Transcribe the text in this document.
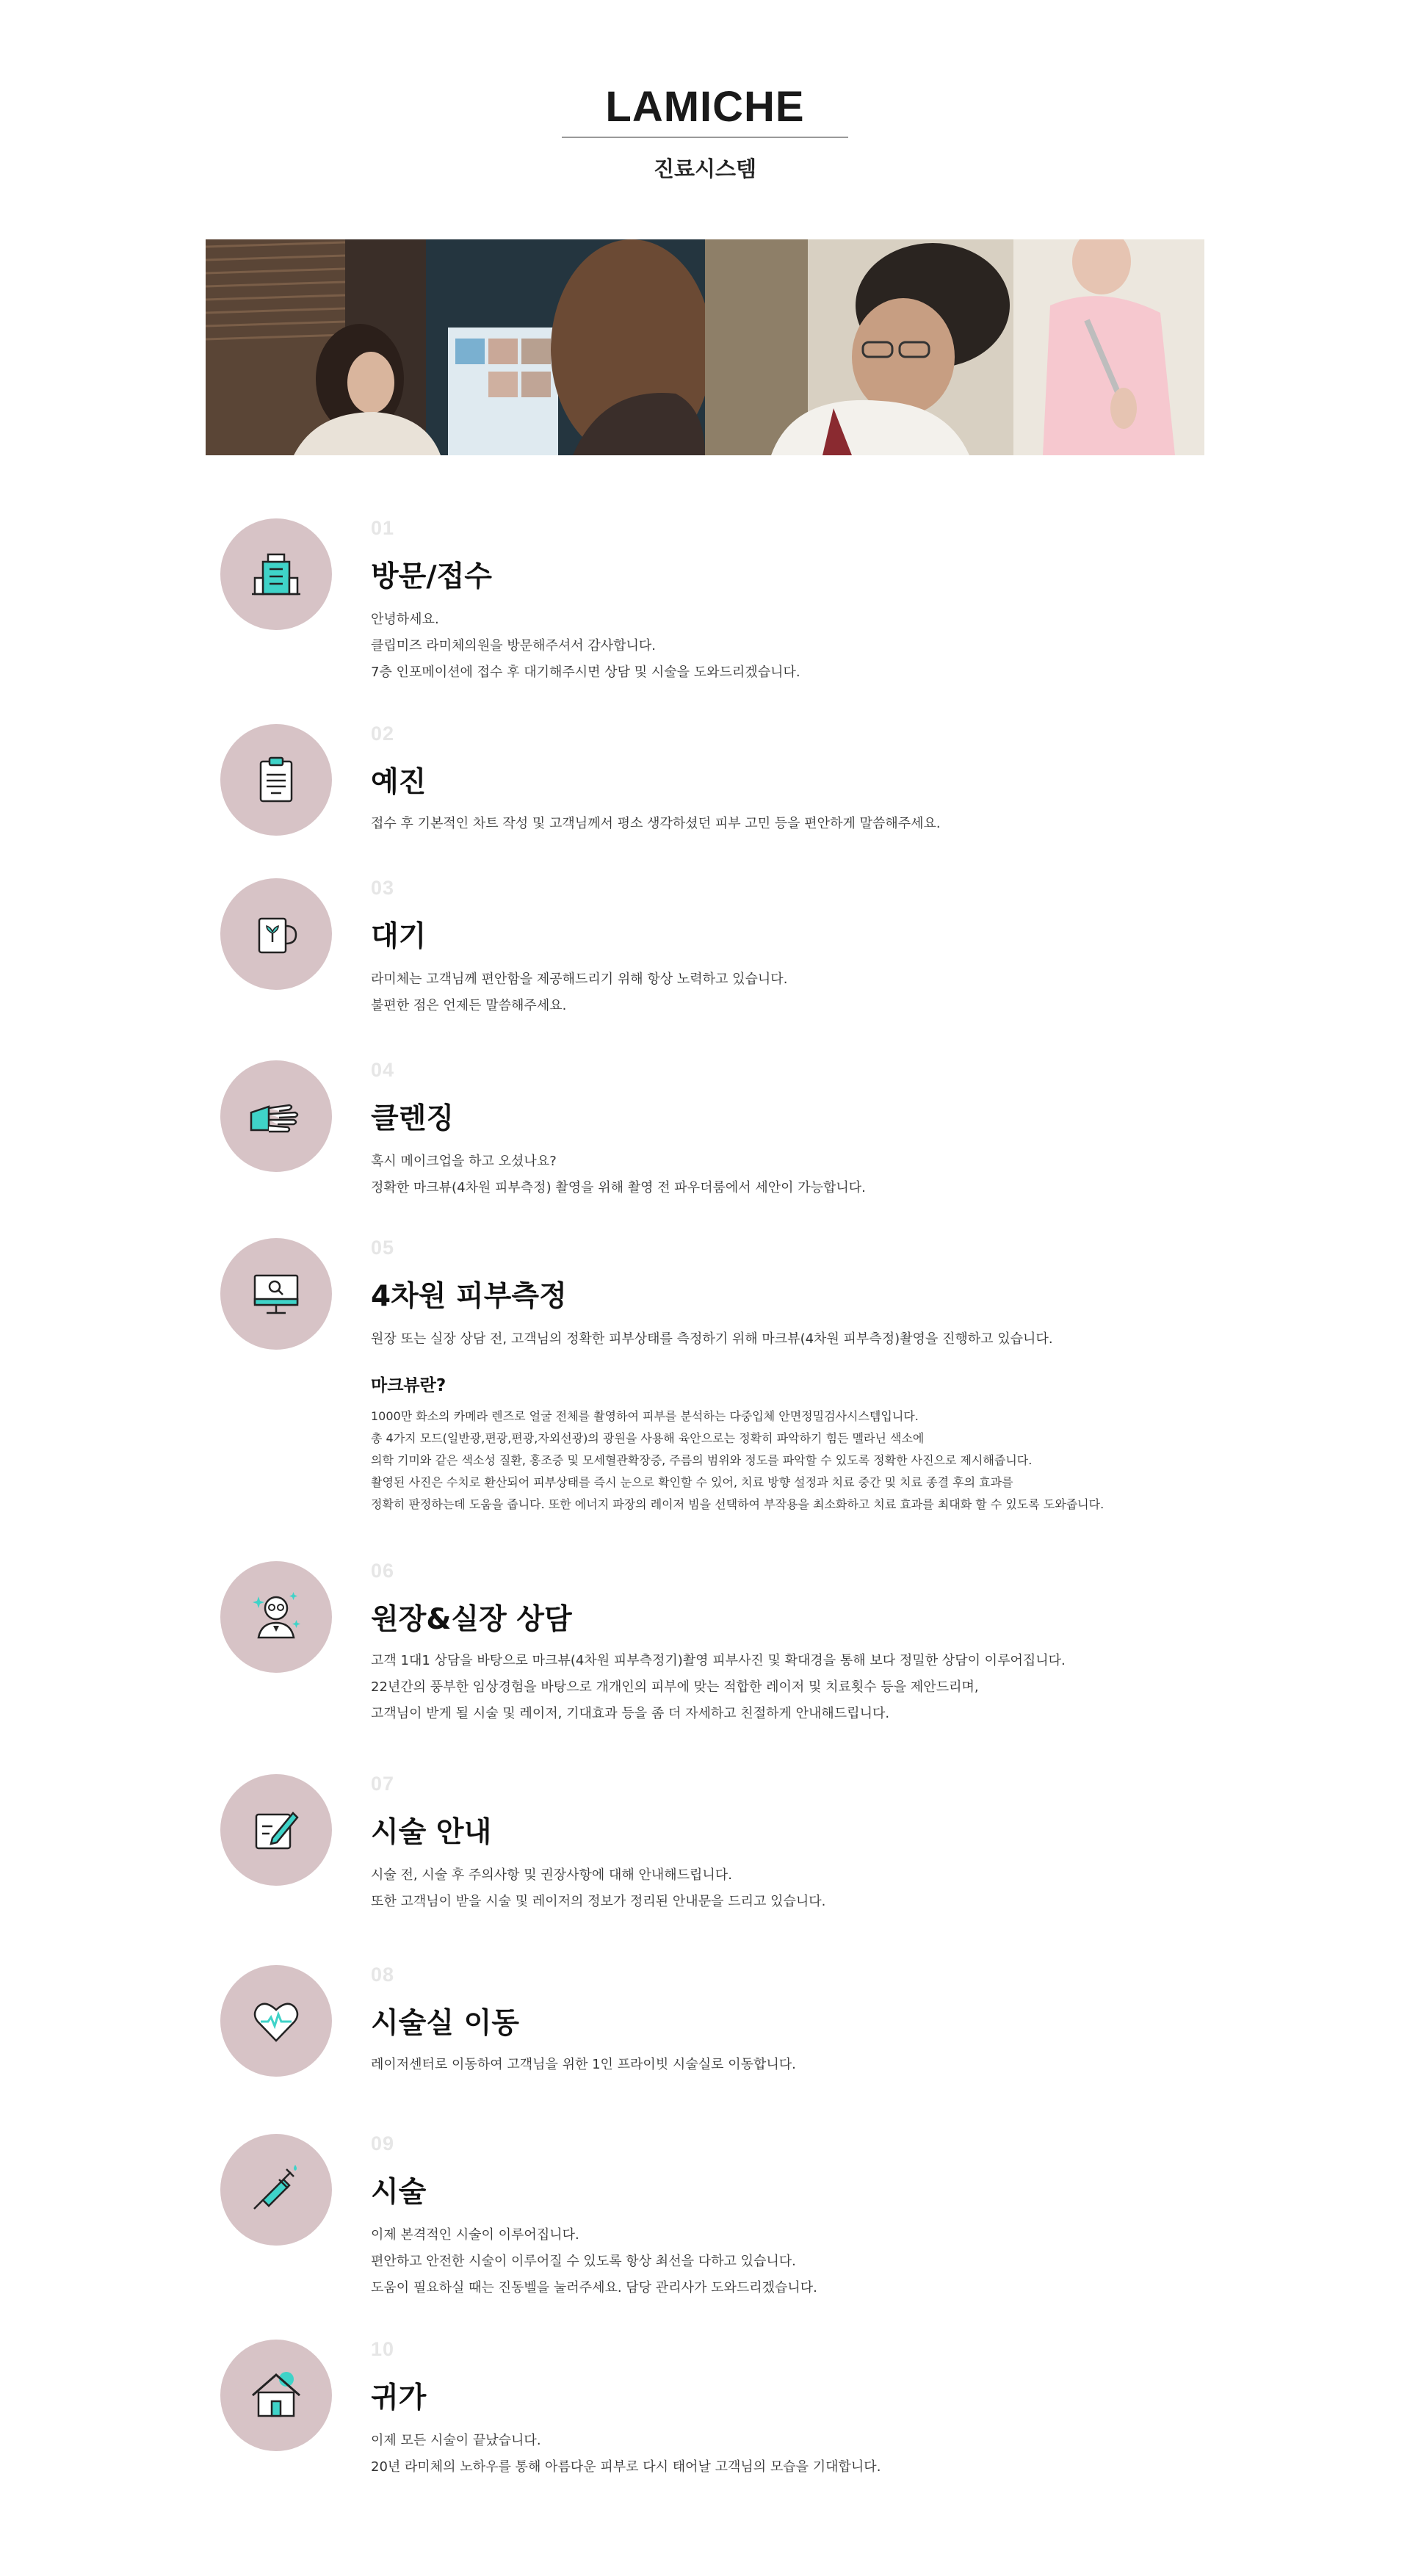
LAMICHE
진료시스템
01
방문/접수
안녕하세요.
클립미즈 라미체의원을 방문해주셔서 감사합니다.
7층 인포메이션에 접수 후 대기해주시면 상담 및 시술을 도와드리겠습니다.
02
예진
접수 후 기본적인 차트 작성 및 고객님께서 평소 생각하셨던 피부 고민 등을 편안하게 말씀해주세요.
03
대기
라미체는 고객님께 편안함을 제공해드리기 위해 항상 노력하고 있습니다.
불편한 점은 언제든 말씀해주세요.
04
클렌징
혹시 메이크업을 하고 오셨나요?
정확한 마크뷰(4차원 피부측정) 촬영을 위해 촬영 전 파우더룸에서 세안이 가능합니다.
05
4차원 피부측정
원장 또는 실장 상담 전, 고객님의 정확한 피부상태를 측정하기 위해 마크뷰(4차원 피부측정)촬영을 진행하고 있습니다.
마크뷰란?
1000만 화소의 카메라 렌즈로 얼굴 전체를 촬영하여 피부를 분석하는 다중입체 안면정밀검사시스템입니다.
총 4가지 모드(일반광,편광,편광,자외선광)의 광원을 사용해 육안으로는 정확히 파악하기 힘든 멜라닌 색소에
의학 기미와 같은 색소성 질환, 홍조증 및 모세혈관확장증, 주름의 범위와 정도를 파악할 수 있도록 정확한 사진으로 제시해줍니다.
촬영된 사진은 수치로 환산되어 피부상태를 즉시 눈으로 확인할 수 있어, 치료 방향 설정과 치료 중간 및 치료 종결 후의 효과를
정확히 판정하는데 도움을 줍니다. 또한 에너지 파장의 레이저 빔을 선택하여 부작용을 최소화하고 치료 효과를 최대화 할 수 있도록 도와줍니다.
06
원장&실장 상담
고객 1대1 상담을 바탕으로 마크뷰(4차원 피부측정기)촬영 피부사진 및 확대경을 통해 보다 정밀한 상담이 이루어집니다.
22년간의 풍부한 임상경험을 바탕으로 개개인의 피부에 맞는 적합한 레이저 및 치료횟수 등을 제안드리며,
고객님이 받게 될 시술 및 레이저, 기대효과 등을 좀 더 자세하고 친절하게 안내해드립니다.
07
시술 안내
시술 전, 시술 후 주의사항 및 권장사항에 대해 안내해드립니다.
또한 고객님이 받을 시술 및 레이저의 정보가 정리된 안내문을 드리고 있습니다.
08
시술실 이동
레이저센터로 이동하여 고객님을 위한 1인 프라이빗 시술실로 이동합니다.
09
시술
이제 본격적인 시술이 이루어집니다.
편안하고 안전한 시술이 이루어질 수 있도록 항상 최선을 다하고 있습니다.
도움이 필요하실 때는 진동벨을 눌러주세요. 담당 관리사가 도와드리겠습니다.
10
귀가
이제 모든 시술이 끝났습니다.
20년 라미체의 노하우를 통해 아름다운 피부로 다시 태어날 고객님의 모습을 기대합니다.
